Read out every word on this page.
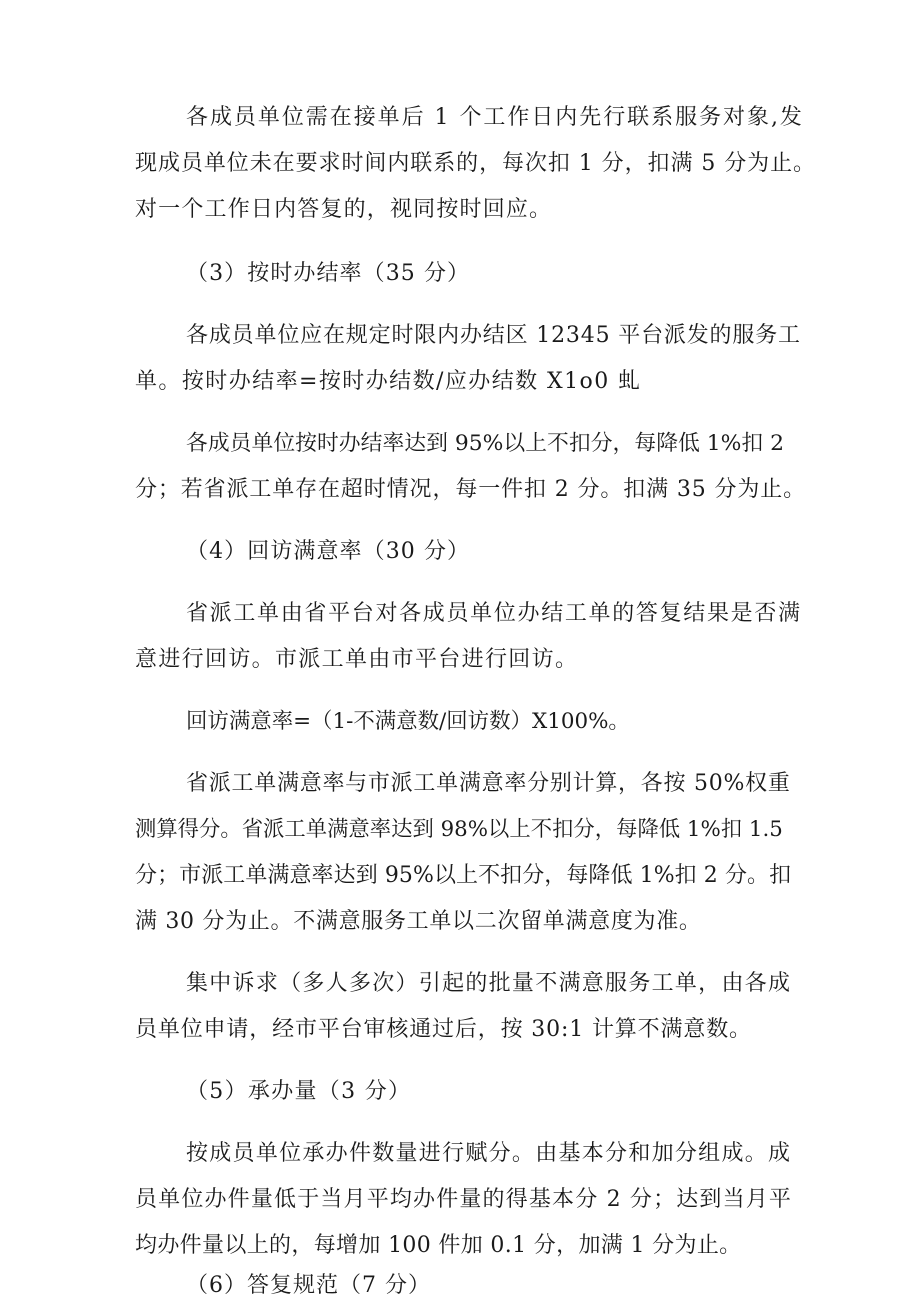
各成员单位需在接单后 1 个工作日内先行联系服务对象,发
现成员单位未在要求时间内联系的，每次扣 1 分，扣满 5 分为止。
对一个工作日内答复的，视同按时回应。
（3）按时办结率（35 分）
各成员单位应在规定时限内办结区 12345 平台派发的服务工
单。按时办结率=按时办结数/应办结数 X1o0 虬
各成员单位按时办结率达到 95%以上不扣分，每降低 1%扣 2
分；若省派工单存在超时情况，每一件扣 2 分。扣满 35 分为止。
（4）回访满意率（30 分）
省派工单由省平台对各成员单位办结工单的答复结果是否满
意进行回访。市派工单由市平台进行回访。
回访满意率=（1-不满意数/回访数）X100%。
省派工单满意率与市派工单满意率分别计算，各按 50%权重
测算得分。省派工单满意率达到 98%以上不扣分，每降低 1%扣 1.5
分；市派工单满意率达到 95%以上不扣分，每降低 1%扣 2 分。扣
满 30 分为止。不满意服务工单以二次留单满意度为准。
集中诉求（多人多次）引起的批量不满意服务工单，由各成
员单位申请，经市平台审核通过后，按 30:1 计算不满意数。
（5）承办量（3 分）
按成员单位承办件数量进行赋分。由基本分和加分组成。成
员单位办件量低于当月平均办件量的得基本分 2 分；达到当月平
均办件量以上的，每增加 100 件加 0.1 分，加满 1 分为止。
（6）答复规范（7 分）
